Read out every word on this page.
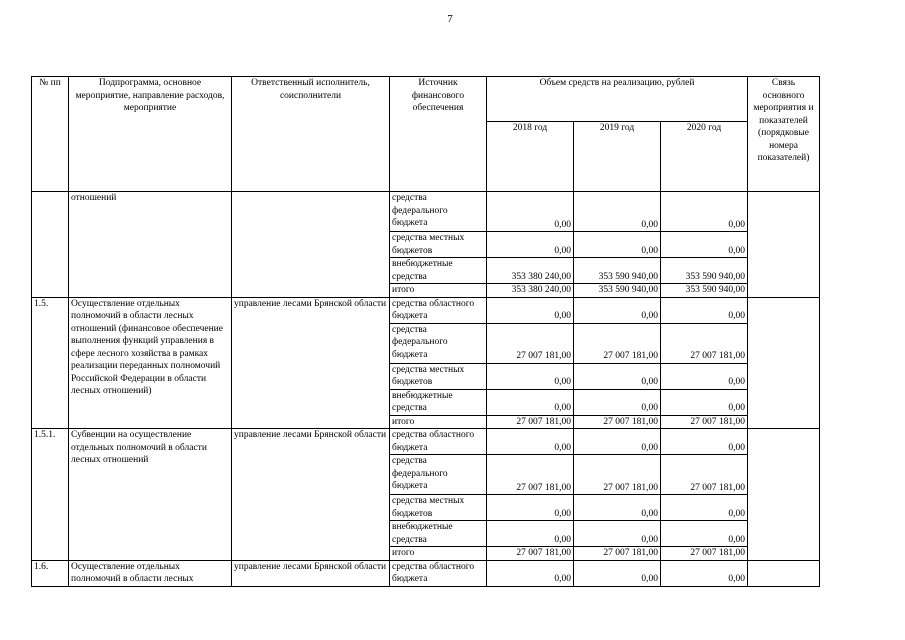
7
№ пп	Подпрограмма, основное мероприятие, направление расходов, мероприятие	Ответственный исполнитель, соисполнители	Источник финансового обеспечения	Объем средств на реализацию, рублей			Связь основного мероприятия и показателей (порядковые номера показателей)
				2018 год	2019 год	2020 год	
	отношений		средства федерального бюджета	0,00	0,00	0,00	
			средства местных бюджетов	0,00	0,00	0,00	
			внебюджетные средства	353 380 240,00	353 590 940,00	353 590 940,00	
			итого	353 380 240,00	353 590 940,00	353 590 940,00	
1.5.	Осуществление отдельных полномочий в области лесных отношений (финансовое обеспечение выполнения функций управления в сфере лесного хозяйства в рамках реализации переданных полномочий Российской Федерации в области лесных отношений)	управление лесами Брянской области	средства областного бюджета	0,00	0,00	0,00	
			средства федерального бюджета	27 007 181,00	27 007 181,00	27 007 181,00	
			средства местных бюджетов	0,00	0,00	0,00	
			внебюджетные средства	0,00	0,00	0,00	
			итого	27 007 181,00	27 007 181,00	27 007 181,00	
1.5.1.	Субвенции на осуществление отдельных полномочий в области лесных отношений	управление лесами Брянской области	средства областного бюджета	0,00	0,00	0,00	
			средства федерального бюджета	27 007 181,00	27 007 181,00	27 007 181,00	
			средства местных бюджетов	0,00	0,00	0,00	
			внебюджетные средства	0,00	0,00	0,00	
			итого	27 007 181,00	27 007 181,00	27 007 181,00	
1.6.	Осуществление отдельных полномочий в области лесных	управление лесами Брянской области	средства областного бюджета	0,00	0,00	0,00	
